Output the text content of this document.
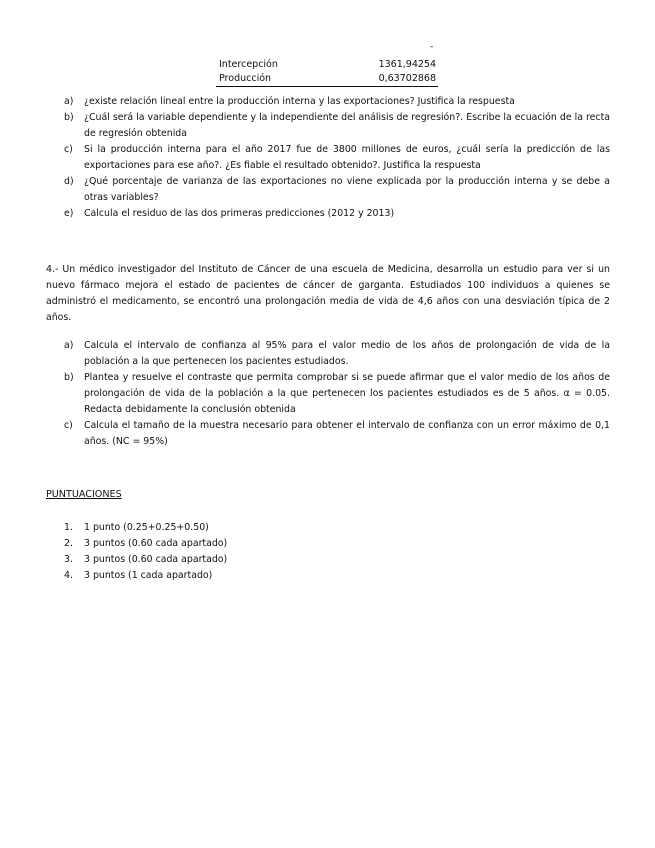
-
Intercepción	1361,94254
Producción	0,63702868
a) ¿existe relación lineal entre la producción interna y las exportaciones? Justifica la respuesta
b) ¿Cuál será la variable dependiente y la independiente del análisis de regresión?. Escribe la ecuación de la recta de regresión obtenida
c) Si la producción interna para el año 2017 fue de 3800 millones de euros, ¿cuál sería la predicción de las exportaciones para ese año?. ¿Es fiable el resultado obtenido?. Justifica la respuesta
d) ¿Qué porcentaje de varianza de las exportaciones no viene explicada por la producción interna y se debe a otras variables?
e) Calcula el residuo de las dos primeras predicciones (2012 y 2013)

4.- Un médico investigador del Instituto de Cáncer de una escuela de Medicina, desarrolla un estudio para ver si un nuevo fármaco mejora el estado de pacientes de cáncer de garganta. Estudiados 100 individuos a quienes se administró el medicamento, se encontró una prolongación media de vida de 4,6 años con una desviación típica de 2 años.

a) Calcula el intervalo de confianza al 95% para el valor medio de los años de prolongación de vida de la población a la que pertenecen los pacientes estudiados.
b) Plantea y resuelve el contraste que permita comprobar si se puede afirmar que el valor medio de los años de prolongación de vida de la población a la que pertenecen los pacientes estudiados es de 5 años. α = 0.05. Redacta debidamente la conclusión obtenida
c) Calcula el tamaño de la muestra necesario para obtener el intervalo de confianza con un error máximo de 0,1 años. (NC = 95%)

PUNTUACIONES

1. 1 punto (0.25+0.25+0.50)
2. 3 puntos (0.60 cada apartado)
3. 3 puntos (0.60 cada apartado)
4. 3 puntos (1 cada apartado)
